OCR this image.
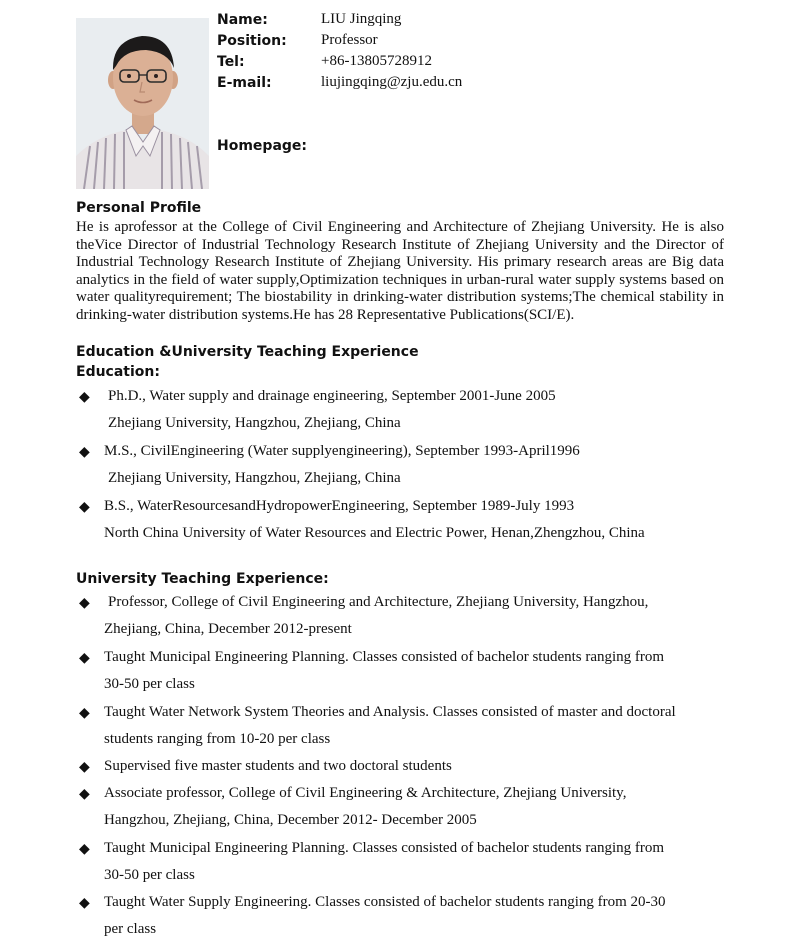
Name:	LIU Jingqing
Position: Professor
Tel:	+86-13805728912
E-mail:	liujingqing@zju.edu.cn
Homepage:
Personal Profile
He is aprofessor at the College of Civil Engineering and Architecture of Zhejiang University. He is also theVice Director of Industrial Technology Research Institute of Zhejiang University and the Director of Industrial Technology Research Institute of Zhejiang University. His primary research areas are Big data analytics in the field of water supply,Optimization techniques in urban-rural water supply systems based on water qualityrequirement; The biostability in drinking-water distribution systems;The chemical stability in drinking-water distribution systems.He has 28 Representative Publications(SCI/E).
Education &University Teaching Experience
Education:
◆ Ph.D., Water supply and drainage engineering, September 2001-June 2005
Zhejiang University, Hangzhou, Zhejiang, China
◆ M.S., CivilEngineering (Water supplyengineering), September 1993-April1996
Zhejiang University, Hangzhou, Zhejiang, China
◆ B.S., WaterResourcesandHydropowerEngineering, September 1989-July 1993
North China University of Water Resources and Electric Power, Henan,Zhengzhou, China
University Teaching Experience:
◆ Professor, College of Civil Engineering and Architecture, Zhejiang University, Hangzhou,
Zhejiang, China, December 2012-present
◆ Taught Municipal Engineering Planning. Classes consisted of bachelor students ranging from
30-50 per class
◆ Taught Water Network System Theories and Analysis. Classes consisted of master and doctoral
students ranging from 10-20 per class
◆ Supervised five master students and two doctoral students
◆ Associate professor, College of Civil Engineering & Architecture, Zhejiang University,
Hangzhou, Zhejiang, China, December 2012- December 2005
◆ Taught Municipal Engineering Planning. Classes consisted of bachelor students ranging from
30-50 per class
◆ Taught Water Supply Engineering. Classes consisted of bachelor students ranging from 20-30
per class
